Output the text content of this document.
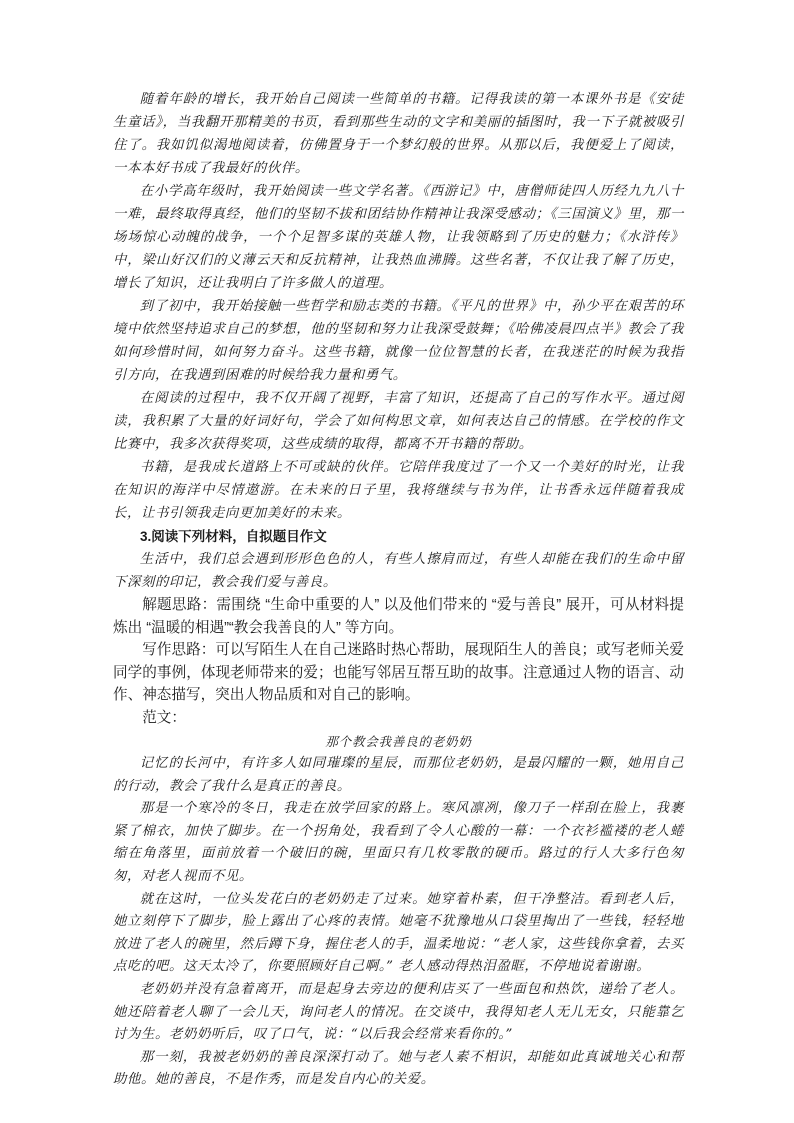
随着年龄的增长，我开始自己阅读一些简单的书籍。记得我读的第一本课外书是《安徒生童话》，当我翻开那精美的书页，看到那些生动的文字和美丽的插图时，我一下子就被吸引住了。我如饥似渴地阅读着，仿佛置身于一个梦幻般的世界。从那以后，我便爱上了阅读，一本本好书成了我最好的伙伴。

在小学高年级时，我开始阅读一些文学名著。《西游记》中，唐僧师徒四人历经九九八十一难，最终取得真经，他们的坚韧不拔和团结协作精神让我深受感动；《三国演义》里，那一场场惊心动魄的战争，一个个足智多谋的英雄人物，让我领略到了历史的魅力；《水浒传》中，梁山好汉们的义薄云天和反抗精神，让我热血沸腾。这些名著，不仅让我了解了历史，增长了知识，还让我明白了许多做人的道理。

到了初中，我开始接触一些哲学和励志类的书籍。《平凡的世界》中，孙少平在艰苦的环境中依然坚持追求自己的梦想，他的坚韧和努力让我深受鼓舞；《哈佛凌晨四点半》教会了我如何珍惜时间，如何努力奋斗。这些书籍，就像一位位智慧的长者，在我迷茫的时候为我指引方向，在我遇到困难的时候给我力量和勇气。

在阅读的过程中，我不仅开阔了视野，丰富了知识，还提高了自己的写作水平。通过阅读，我积累了大量的好词好句，学会了如何构思文章，如何表达自己的情感。在学校的作文比赛中，我多次获得奖项，这些成绩的取得，都离不开书籍的帮助。

书籍，是我成长道路上不可或缺的伙伴。它陪伴我度过了一个又一个美好的时光，让我在知识的海洋中尽情遨游。在未来的日子里，我将继续与书为伴，让书香永远伴随着我成长，让书引领我走向更加美好的未来。

3.阅读下列材料，自拟题目作文

生活中，我们总会遇到形形色色的人，有些人擦肩而过，有些人却能在我们的生命中留下深刻的印记，教会我们爱与善良。

解题思路：需围绕 “生命中重要的人” 以及他们带来的 “爱与善良” 展开，可从材料提炼出 “温暖的相遇”“教会我善良的人” 等方向。

写作思路：可以写陌生人在自己迷路时热心帮助，展现陌生人的善良；或写老师关爱同学的事例，体现老师带来的爱；也能写邻居互帮互助的故事。注意通过人物的语言、动作、神态描写，突出人物品质和对自己的影响。

范文：

那个教会我善良的老奶奶

记忆的长河中，有许多人如同璀璨的星辰，而那位老奶奶，是最闪耀的一颗，她用自己的行动，教会了我什么是真正的善良。

那是一个寒冷的冬日，我走在放学回家的路上。寒风凛冽，像刀子一样刮在脸上，我裹紧了棉衣，加快了脚步。在一个拐角处，我看到了令人心酸的一幕：一个衣衫褴褛的老人蜷缩在角落里，面前放着一个破旧的碗，里面只有几枚零散的硬币。路过的行人大多行色匆匆，对老人视而不见。

就在这时，一位头发花白的老奶奶走了过来。她穿着朴素，但干净整洁。看到老人后，她立刻停下了脚步，脸上露出了心疼的表情。她毫不犹豫地从口袋里掏出了一些钱，轻轻地放进了老人的碗里，然后蹲下身，握住老人的手，温柔地说：“老人家，这些钱你拿着，去买点吃的吧。这天太冷了，你要照顾好自己啊。” 老人感动得热泪盈眶，不停地说着谢谢。

老奶奶并没有急着离开，而是起身去旁边的便利店买了一些面包和热饮，递给了老人。她还陪着老人聊了一会儿天，询问老人的情况。在交谈中，我得知老人无儿无女，只能靠乞讨为生。老奶奶听后，叹了口气，说：“以后我会经常来看你的。”

那一刻，我被老奶奶的善良深深打动了。她与老人素不相识，却能如此真诚地关心和帮助他。她的善良，不是作秀，而是发自内心的关爱。
